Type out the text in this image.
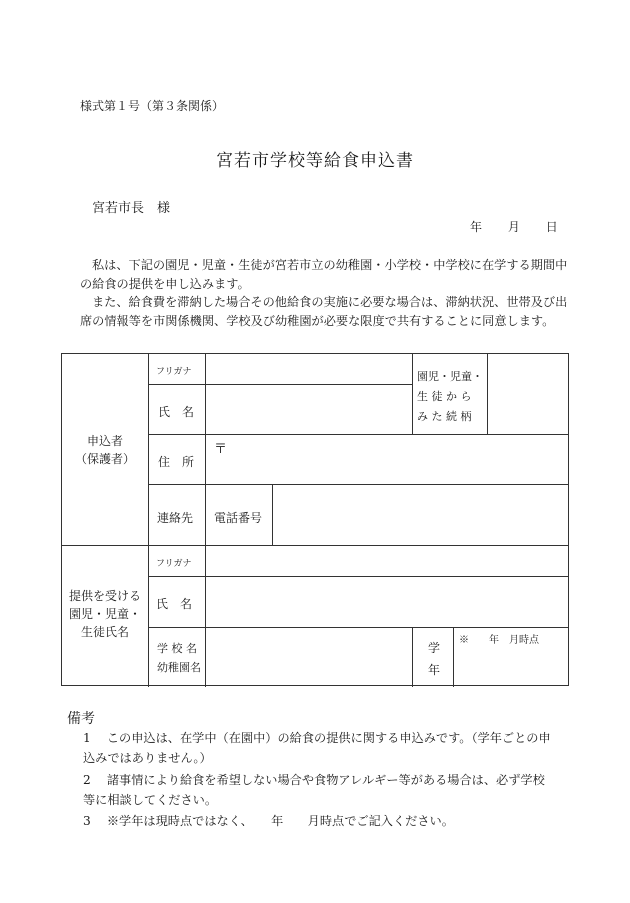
様式第１号（第３条関係）
宮若市学校等給食申込書
宮若市長　様
年 月 日
私は、下記の園児・児童・生徒が宮若市立の幼稚園・小学校・中学校に在学する期間中の給食の提供を申し込みます。
また、給食費を滞納した場合その他給食の実施に必要な場合は、滞納状況、世帯及び出席の情報等を市関係機関、学校及び幼稚園が必要な限度で共有することに同意します。
申込者
（保護者）
フリガナ
氏　名
園児・児童・
生 徒 か ら
み た 続 柄
住　所
〒
連絡先 電話番号
提供を受ける
園児・児童・
生徒氏名
フリガナ
氏　名
学 校 名
幼稚園名
学
年
※　　年　月時点
備考
1　 この申込は、在学中（在園中）の給食の提供に関する申込みです。（学年ごとの申込みではありません。）
2　 諸事情により給食を希望しない場合や食物アレルギー等がある場合は、必ず学校等に相談してください。
3　 ※学年は現時点ではなく、　　年　　月時点でご記入ください。
